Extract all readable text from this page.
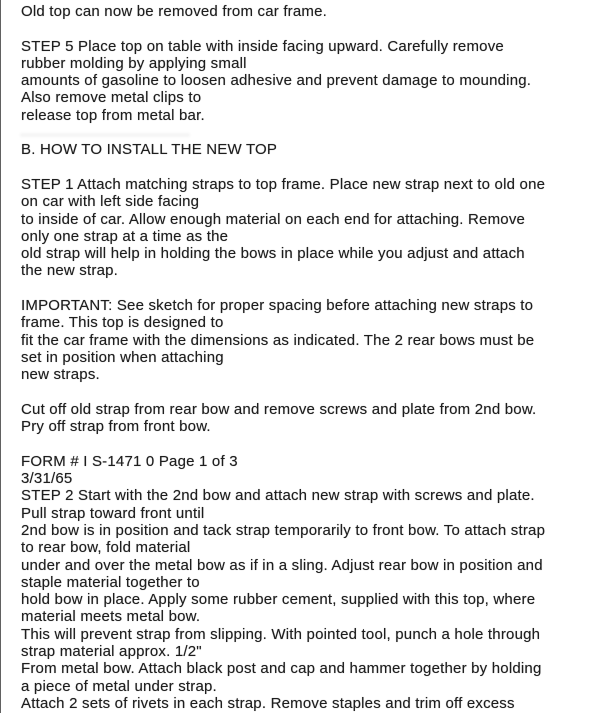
Old top can now be removed from car frame.
STEP 5 Place top on table with inside facing upward. Carefully remove
rubber molding by applying small
amounts of gasoline to loosen adhesive and prevent damage to mounding.
Also remove metal clips to
release top from metal bar.
B. HOW TO INSTALL THE NEW TOP
STEP 1 Attach matching straps to top frame. Place new strap next to old one
on car with left side facing
to inside of car. Allow enough material on each end for attaching. Remove
only one strap at a time as the
old strap will help in holding the bows in place while you adjust and attach
the new strap.
IMPORTANT: See sketch for proper spacing before attaching new straps to
frame. This top is designed to
fit the car frame with the dimensions as indicated. The 2 rear bows must be
set in position when attaching
new straps.
Cut off old strap from rear bow and remove screws and plate from 2nd bow.
Pry off strap from front bow.
FORM # I S-1471 0 Page 1 of 3
3/31/65
STEP 2 Start with the 2nd bow and attach new strap with screws and plate.
Pull strap toward front until
2nd bow is in position and tack strap temporarily to front bow. To attach strap
to rear bow, fold material
under and over the metal bow as if in a sling. Adjust rear bow in position and
staple material together to
hold bow in place. Apply some rubber cement, supplied with this top, where
material meets metal bow.
This will prevent strap from slipping. With pointed tool, punch a hole through
strap material approx. 1/2"
From metal bow. Attach black post and cap and hammer together by holding
a piece of metal under strap.
Attach 2 sets of rivets in each strap. Remove staples and trim off excess
